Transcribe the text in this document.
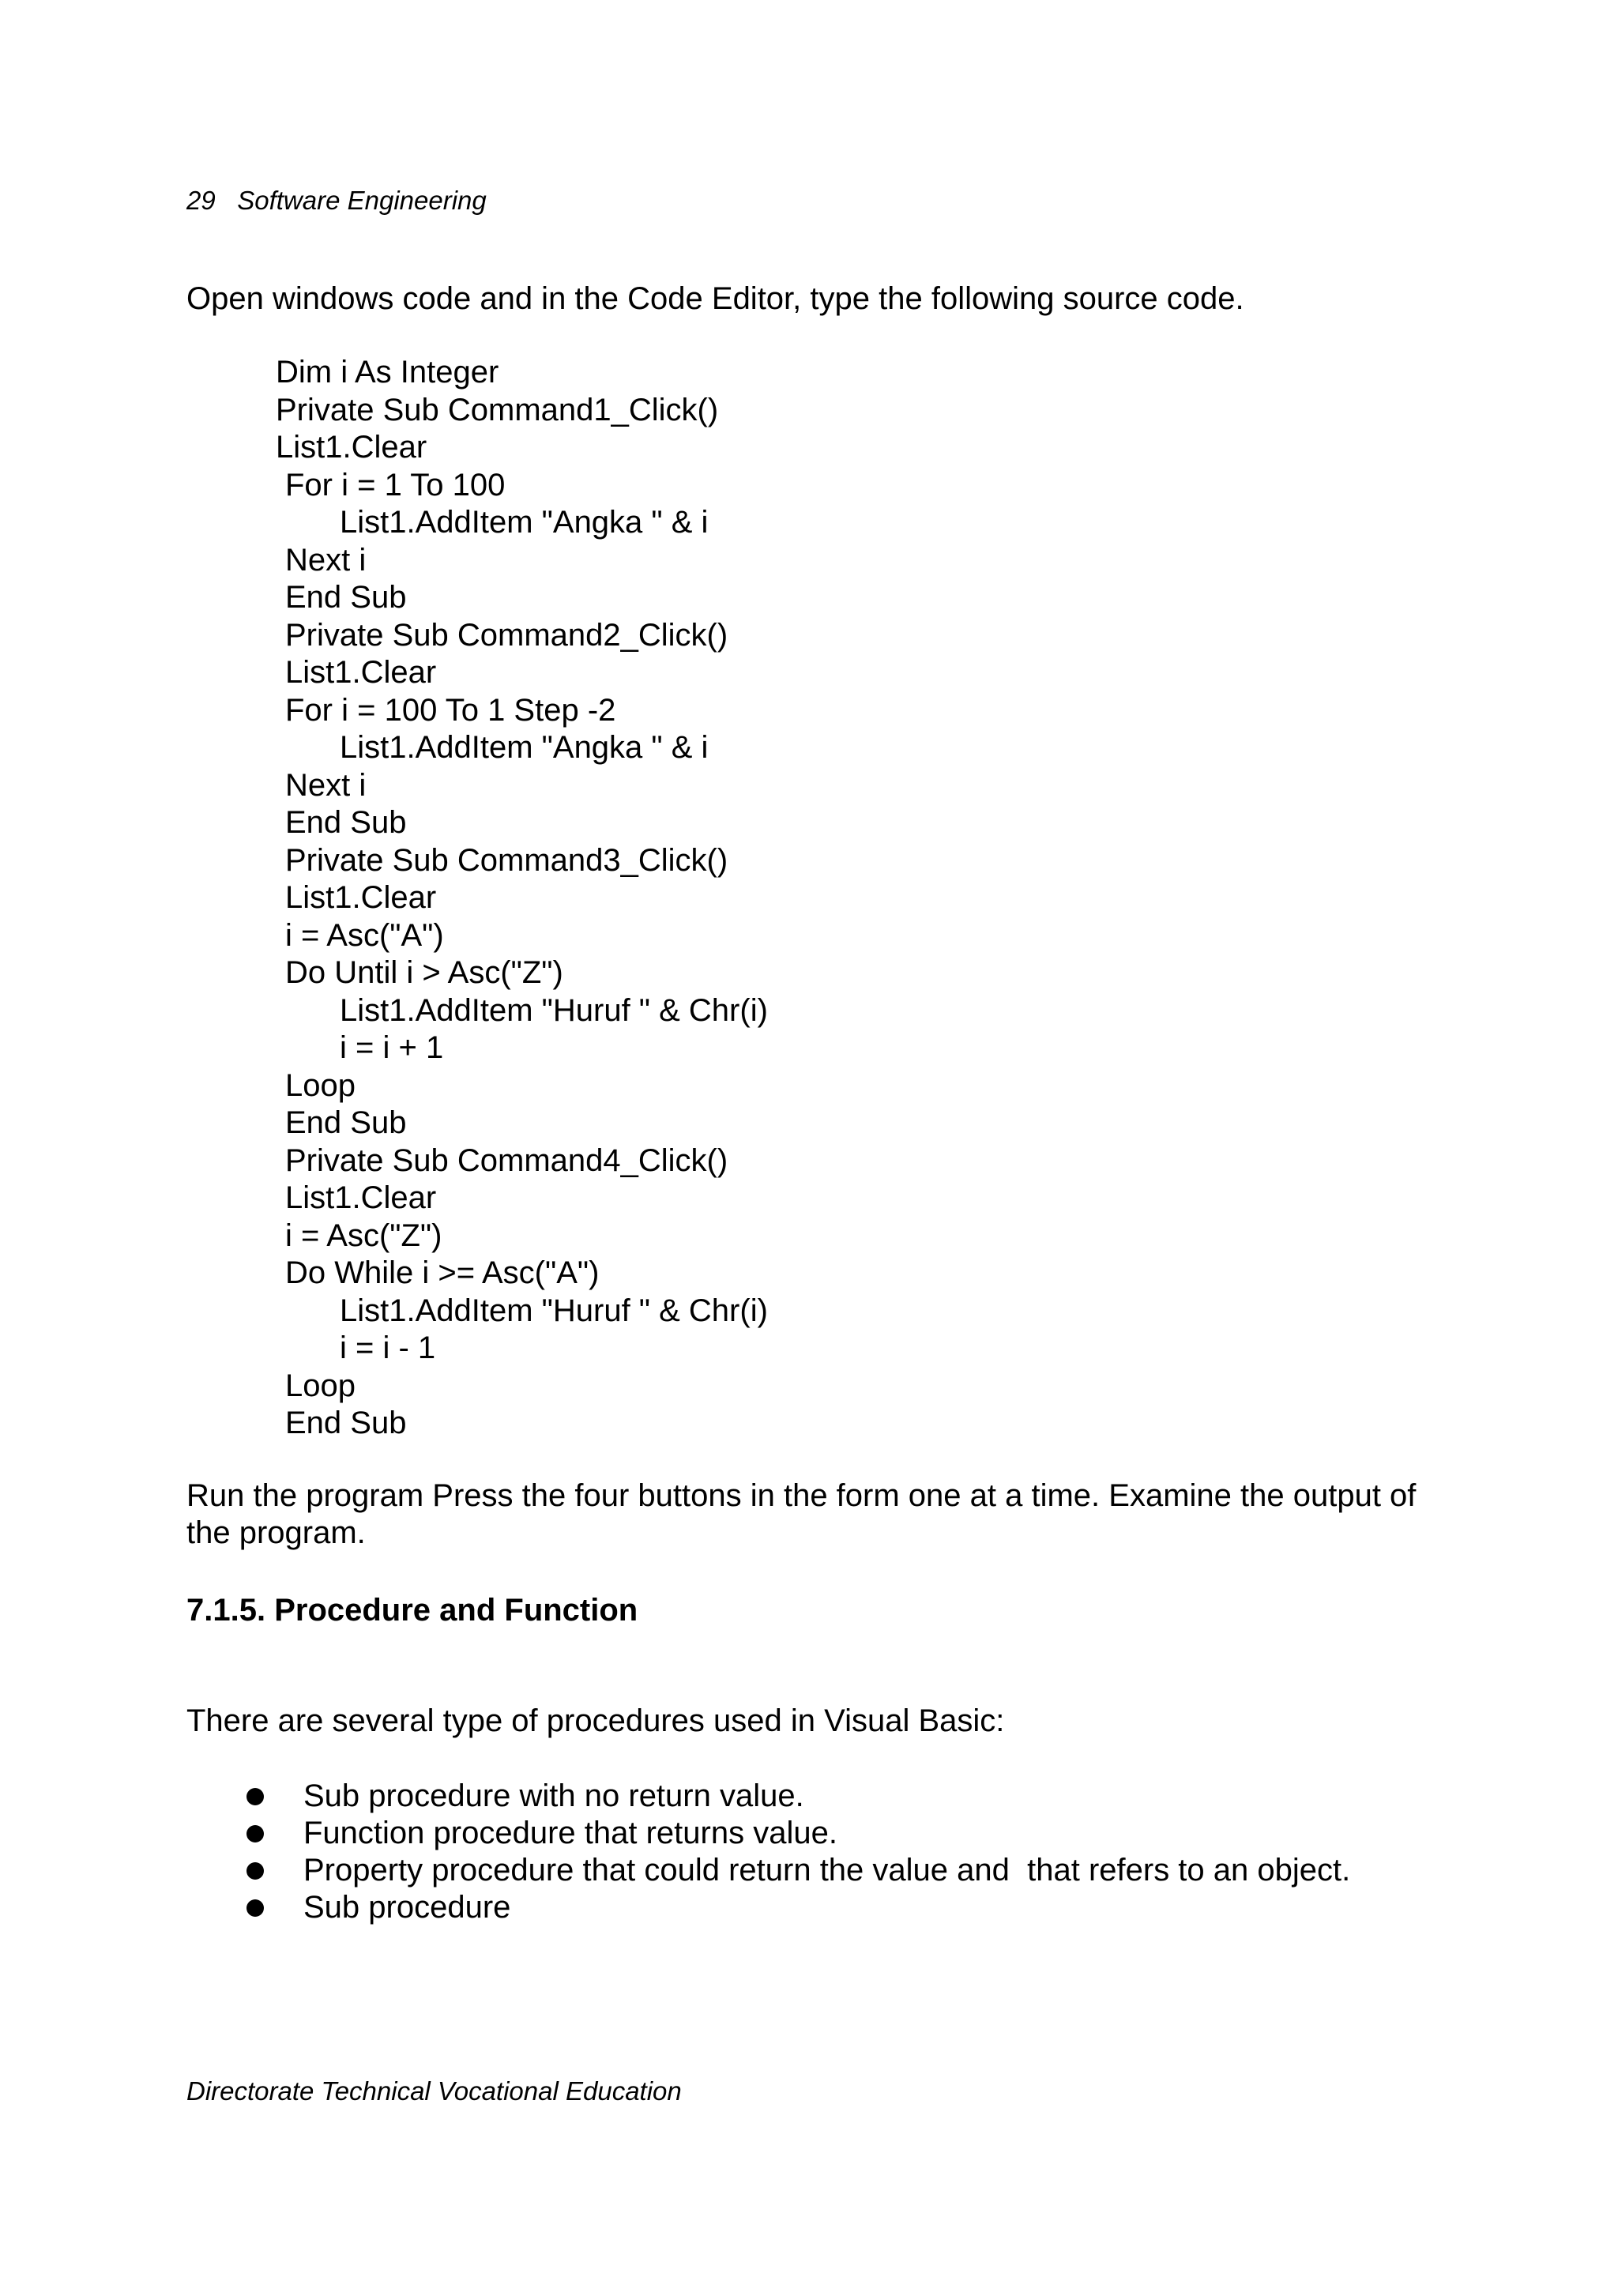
29 Software Engineering
Open windows code and in the Code Editor, type the following source code.
Dim i As Integer
Private Sub Command1_Click()
List1.Clear
For i = 1 To 100
List1.AddItem "Angka " & i
Next i
End Sub
Private Sub Command2_Click()
List1.Clear
For i = 100 To 1 Step -2
List1.AddItem "Angka " & i
Next i
End Sub
Private Sub Command3_Click()
List1.Clear
i = Asc("A")
Do Until i > Asc("Z")
List1.AddItem "Huruf " & Chr(i)
i = i + 1
Loop
End Sub
Private Sub Command4_Click()
List1.Clear
i = Asc("Z")
Do While i >= Asc("A")
List1.AddItem "Huruf " & Chr(i)
i = i - 1
Loop
End Sub
Run the program Press the four buttons in the form one at a time. Examine the output of the program.
7.1.5. Procedure and Function
There are several type of procedures used in Visual Basic:
Sub procedure with no return value.
Function procedure that returns value.
Property procedure that could return the value and  that refers to an object.
Sub procedure
Directorate Technical Vocational Education
